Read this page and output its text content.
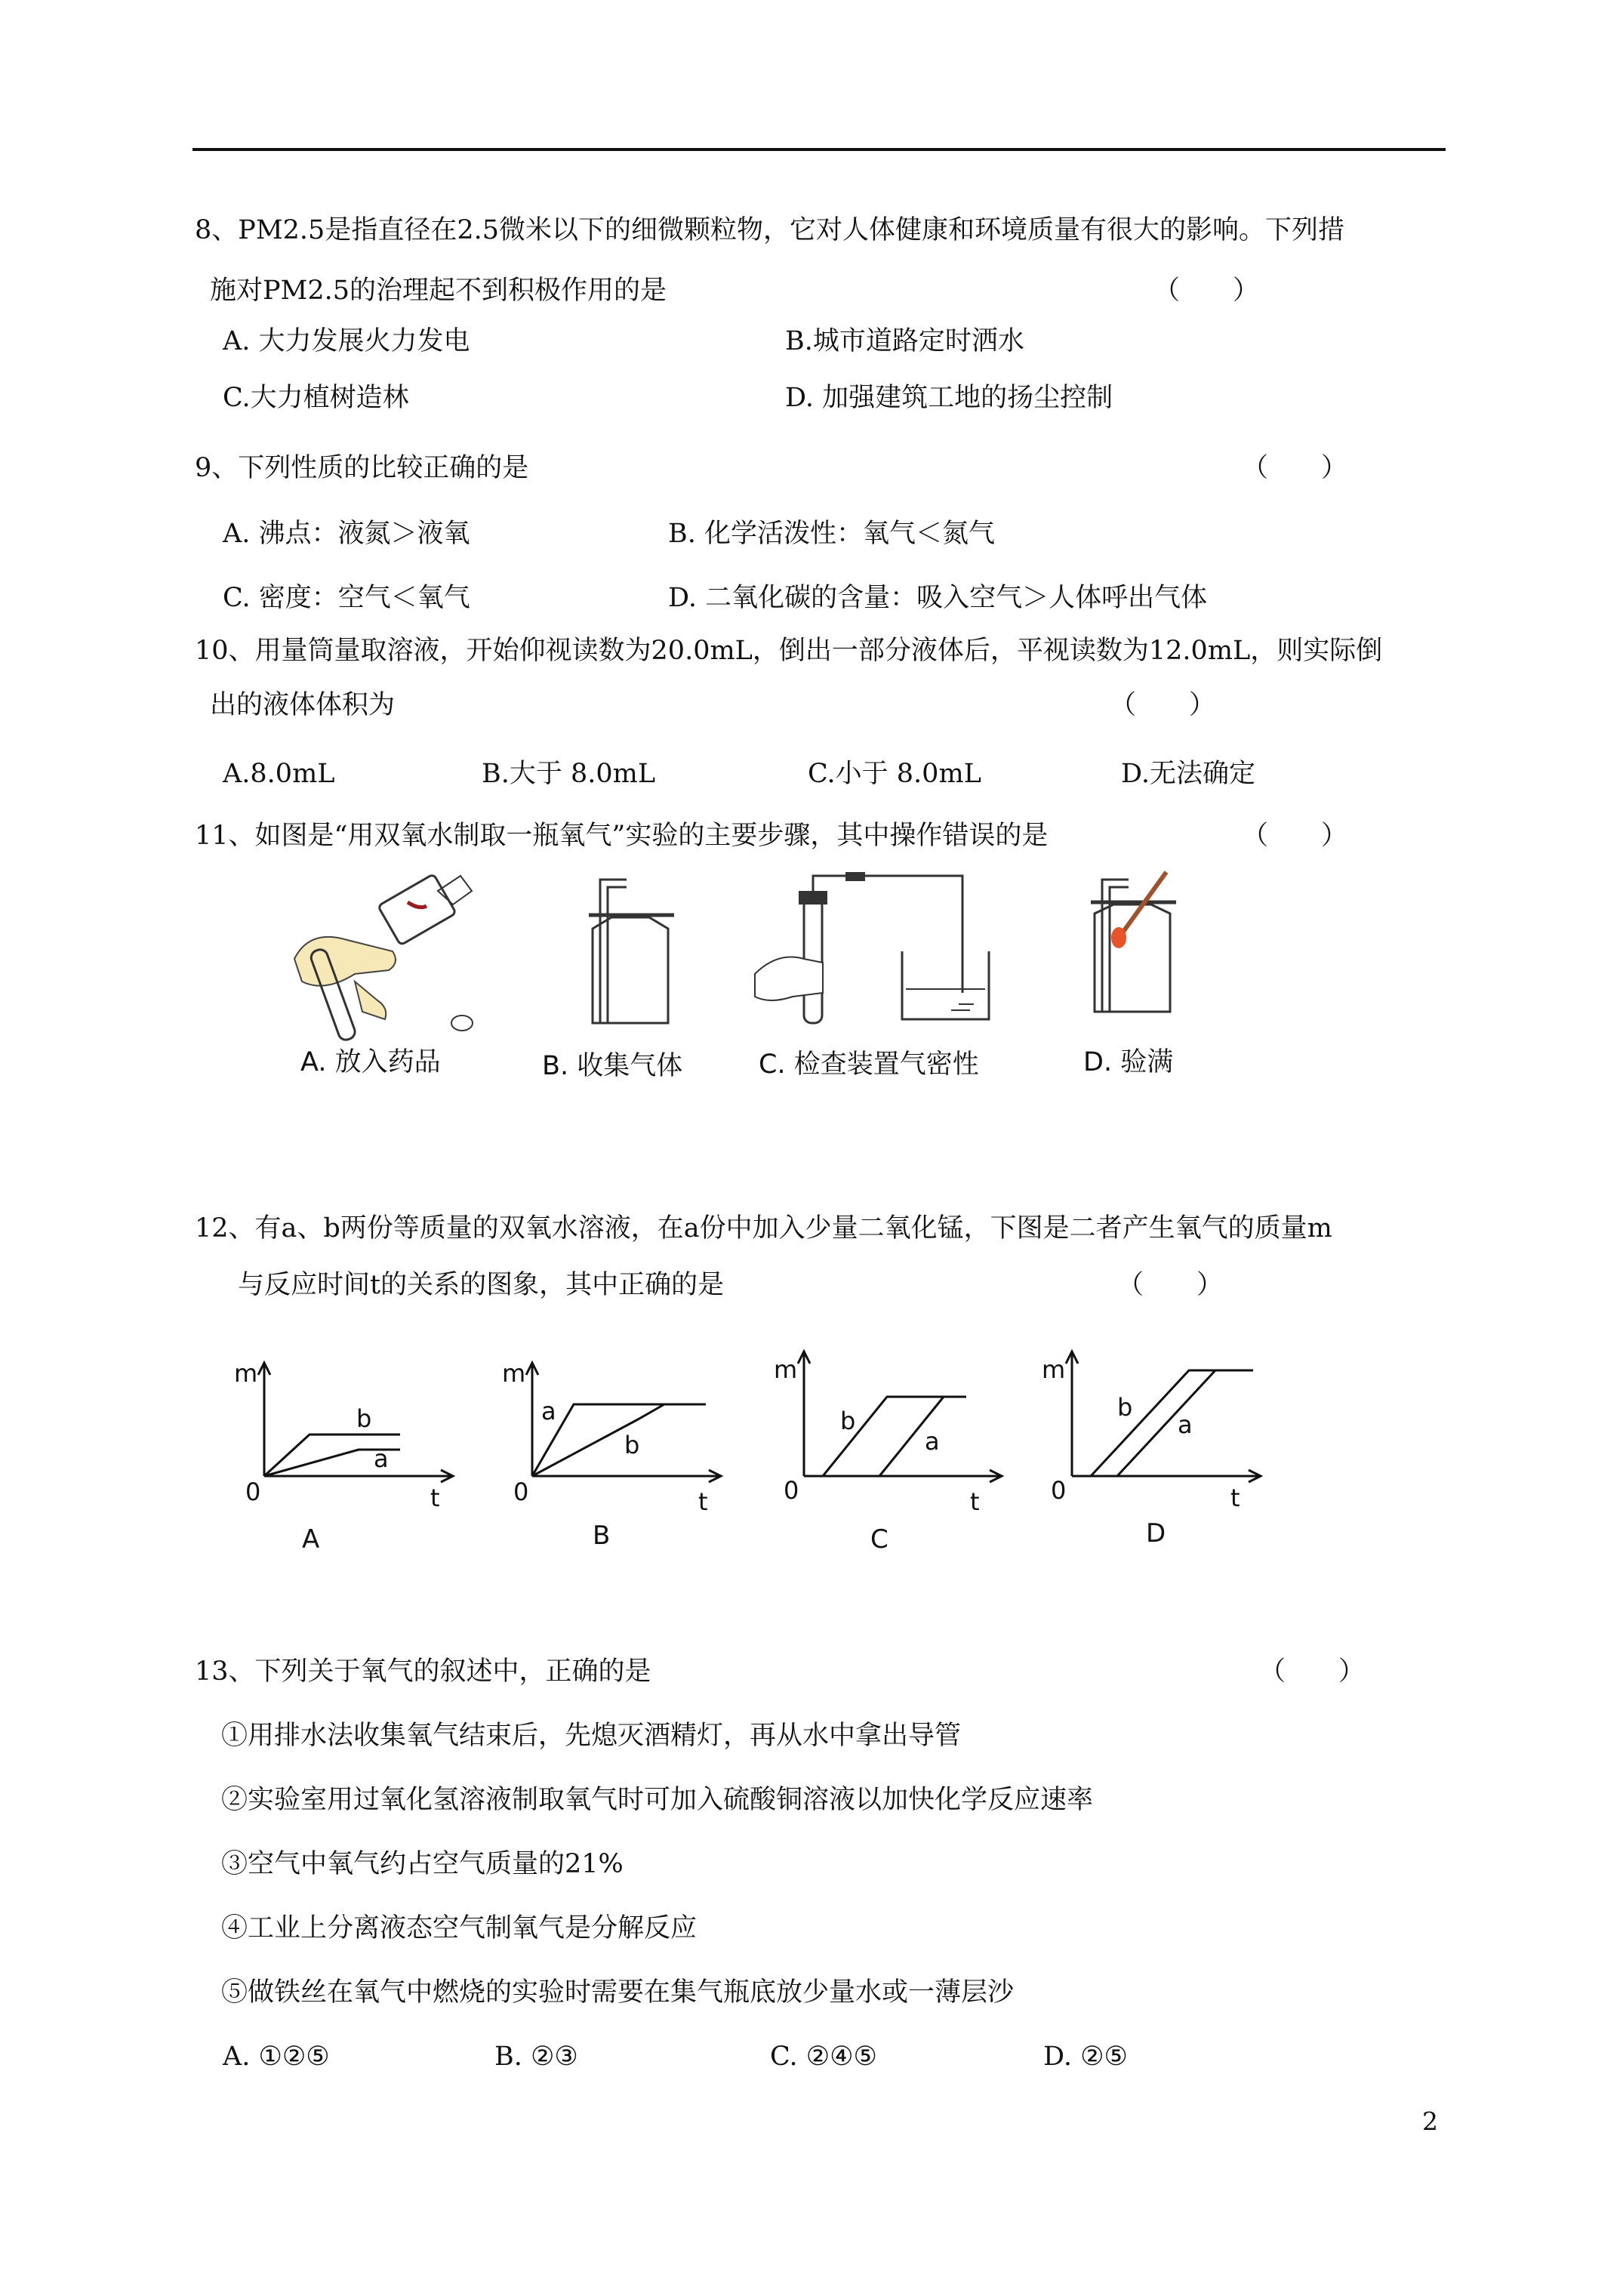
8、PM2.5是指直径在2.5微米以下的细微颗粒物，它对人体健康和环境质量有很大的影响。下列措
施对PM2.5的治理起不到积极作用的是	（　　）
A. 大力发展火力发电	B.城市道路定时洒水
C.大力植树造林	D. 加强建筑工地的扬尘控制
9、下列性质的比较正确的是	（　　）
A. 沸点：液氮＞液氧	B. 化学活泼性：氧气＜氮气
C. 密度：空气＜氧气	D. 二氧化碳的含量：吸入空气＞人体呼出气体
10、用量筒量取溶液，开始仰视读数为20.0mL，倒出一部分液体后，平视读数为12.0mL，则实际倒
出的液体体积为	（　　）
A.8.0mL	B.大于 8.0mL	C.小于 8.0mL	D.无法确定
11、如图是“用双氧水制取一瓶氧气”实验的主要步骤，其中操作错误的是	（　　）
A. 放入药品	B. 收集气体	C. 检查装置气密性	D. 验满
12、有a、b两份等质量的双氧水溶液，在a份中加入少量二氧化锰，下图是二者产生氧气的质量m
与反应时间t的关系的图象，其中正确的是	（　　）
m
0	t
b
a
A
m
0	t
a
b
B
m
0	t
b
a
C
m
0	t
b
a
D
13、下列关于氧气的叙述中，正确的是	（　　）
①用排水法收集氧气结束后，先熄灭酒精灯，再从水中拿出导管
②实验室用过氧化氢溶液制取氧气时可加入硫酸铜溶液以加快化学反应速率
③空气中氧气约占空气质量的21%
④工业上分离液态空气制氧气是分解反应
⑤做铁丝在氧气中燃烧的实验时需要在集气瓶底放少量水或一薄层沙
A. ①②⑤	B. ②③	C. ②④⑤	D. ②⑤
2
